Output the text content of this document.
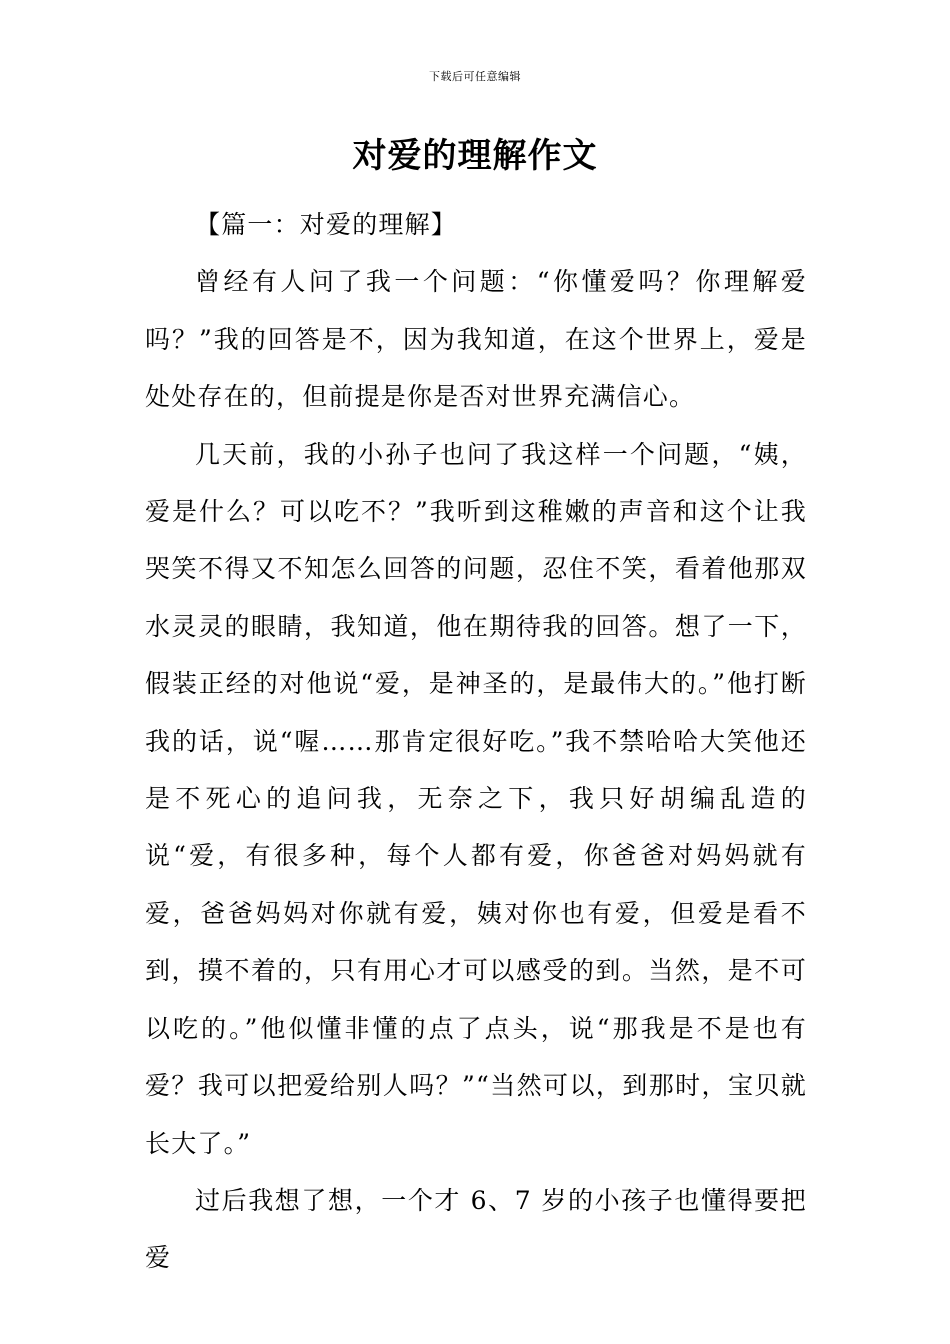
下载后可任意编辑
对爱的理解作文

【篇一：对爱的理解】

曾经有人问了我一个问题：“你懂爱吗？你理解爱吗？”我的回答是不，因为我知道，在这个世界上，爱是处处存在的，但前提是你是否对世界充满信心。

几天前，我的小孙子也问了我这样一个问题，“姨，爱是什么？可以吃不？”我听到这稚嫩的声音和这个让我哭笑不得又不知怎么回答的问题，忍住不笑，看着他那双水灵灵的眼睛，我知道，他在期待我的回答。想了一下，假装正经的对他说“爱，是神圣的，是最伟大的。”他打断我的话，说“喔……那肯定很好吃。”我不禁哈哈大笑他还是不死心的追问我，无奈之下，我只好胡编乱造的说“爱，有很多种，每个人都有爱，你爸爸对妈妈就有爱，爸爸妈妈对你就有爱，姨对你也有爱，但爱是看不到，摸不着的，只有用心才可以感受的到。当然，是不可以吃的。”他似懂非懂的点了点头，说“那我是不是也有爱？我可以把爱给别人吗？”“当然可以，到那时，宝贝就长大了。”

过后我想了想，一个才 6、7 岁的小孩子也懂得要把爱
